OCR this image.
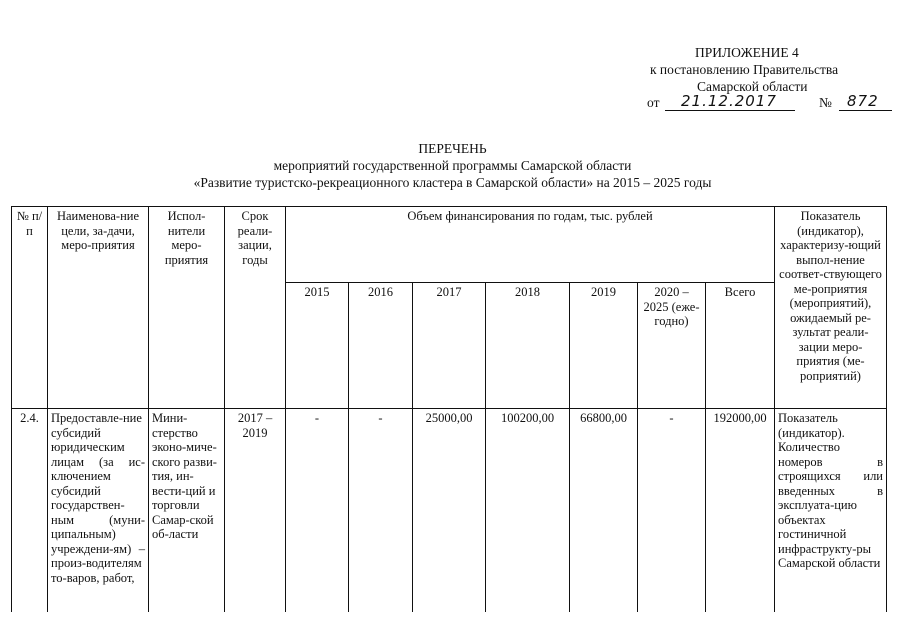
ПРИЛОЖЕНИЕ 4
к постановлению Правительства
Самарской области
от 21.12.2017	№ 872
ПЕРЕЧЕНЬ
мероприятий государственной программы Самарской области
«Развитие туристско-рекреационного кластера в Самарской области» на 2015 – 2025 годы
№ п/п	Наименова-ние цели, за-дачи, меро-приятия	Испол-нители меро-приятия	Срок реали-зации, годы	Объем финансирования по годам, тыс. рублей							Показатель (индикатор), характеризу-ющий выпол-нение соответ-ствующего ме-роприятия (мероприятий), ожидаемый ре-зультат реали-зации меро-приятия (ме-роприятий)
				2015	2016	2017	2018	2019	2020 – 2025 (еже-годно)	Всего	
2.4.	Предоставле-ние субсидий юридическим лицам (за ис-ключением субсидий государствен-ным (муни-ципальным) учреждени-ям) – произ-водителям то-варов, работ,	Мини-стерство эконо-миче-ского разви-тия, ин-вести-ций и торговли Самар-ской об-ласти	2017 – 2019	-	-	25000,00	100200,00	66800,00	-	192000,00	Показатель (индикатор). Количество номеров в строящихся или введенных в эксплуата-цию объектах гостиничной инфраструкту-ры Самарской области
